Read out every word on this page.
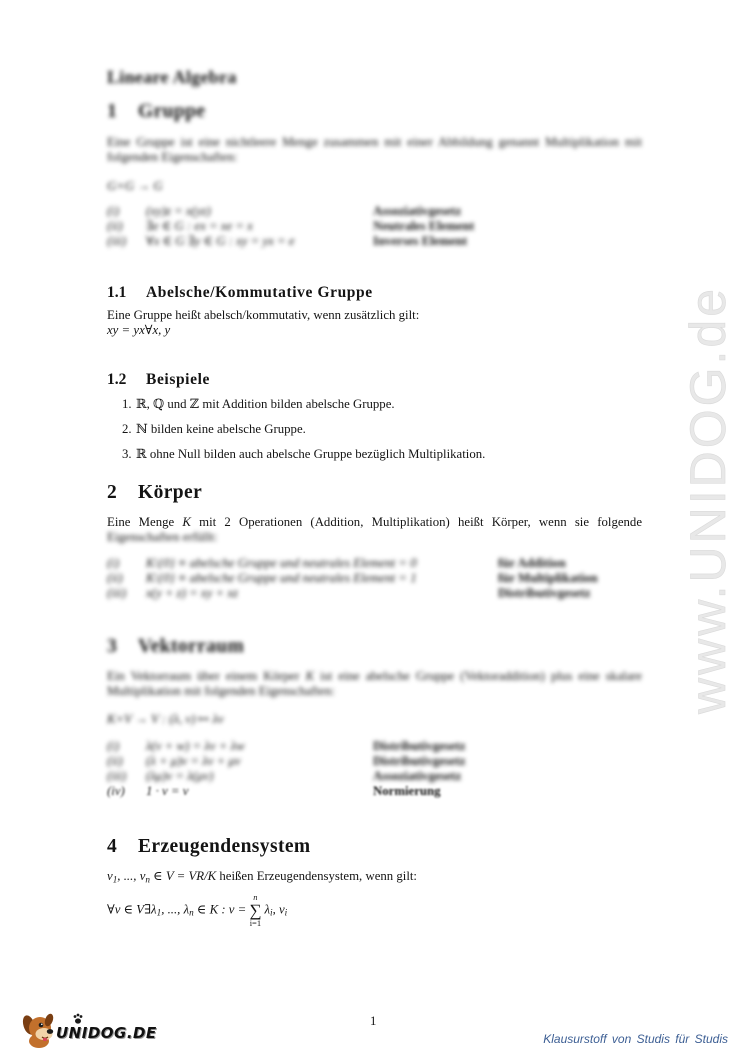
www.UNIDOG.de
Lineare Algebra
1 Gruppe

Eine Gruppe ist eine nichtleere Menge zusammen mit einer Abbildung genannt Multiplikation mit folgenden Eigenschaften:

G×G → G
(i)	(xy)z = x(yz)	Assoziativgesetz
(ii)	∃e ∈ G : ex = xe = x	Neutrales Element
(iii)	∀x ∈ G ∃y ∈ G : xy = yx = e	Inverses Element
1.1 Abelsche/Kommutative Gruppe
Eine Gruppe heißt abelsch/kommutativ, wenn zusätzlich gilt:
xy = yx∀x, y
1.2 Beispiele
1. ℝ, ℚ und ℤ mit Addition bilden abelsche Gruppe.
2. ℕ bilden keine abelsche Gruppe.
3. ℝ ohne Null bilden auch abelsche Gruppe bezüglich Multiplikation.
2 Körper
Eine Menge K mit 2 Operationen (Addition, Multiplikation) heißt Körper, wenn sie folgende
Eigenschaften erfüllt:
(i)	K\{0} ≡ abelsche Gruppe und neutrales Element = 0	für Addition
(ii)	K\{0} ≡ abelsche Gruppe und neutrales Element = 1	für Multiplikation
(iii)	x(y + z) = xy + xz	Distributivgesetz
3 Vektorraum

Ein Vektorraum über einem Körper K ist eine abelsche Gruppe (Vektoraddition) plus eine skalare Multiplikation mit folgenden Eigenschaften:

K×V → V : (λ, v) ↦ λv
(i)	λ(v + w) = λv + λw	Distributivgesetz
(ii)	(λ + μ)v = λv + μv	Distributivgesetz
(iii)	(λμ)v = λ(μv)	Assoziativgesetz
(iv)	1 · v = v	Normierung
4 Erzeugendensystem
$v_1$, ..., $v_n$ ∈ V = VR/K heißen Erzeugendensystem, wenn gilt:
∀v ∈ $V\exists\lambda_1$, ..., $\lambda_n$ ∈ K : v =
n
∑
i=1
$\lambda_i$, $v_i$
1
UNIDOG.DE	Klausurstoff von Studis für Studis
